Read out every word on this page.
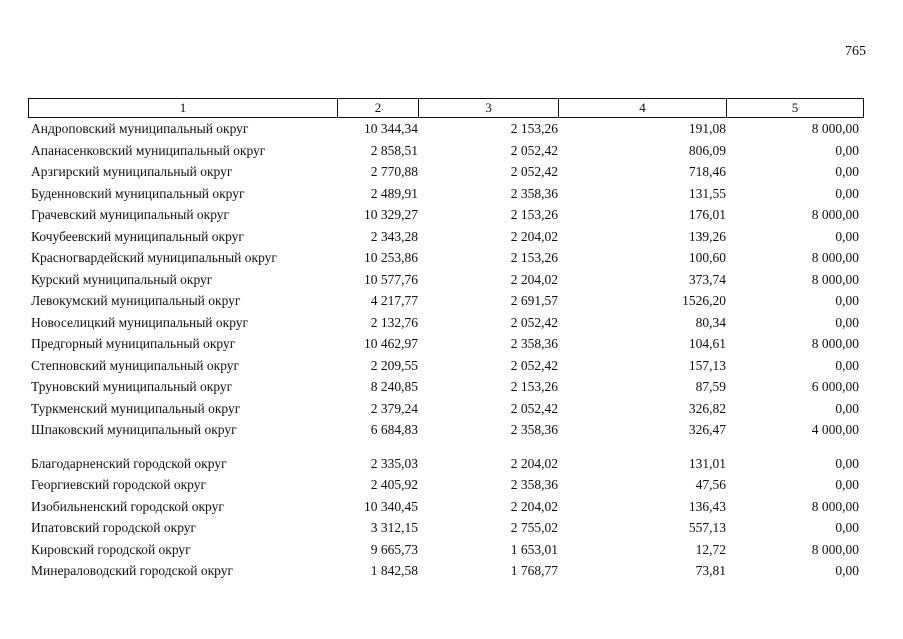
765
1	2	3	4	5
Андроповский муниципальный округ	10 344,34	2 153,26	191,08	8 000,00
Апанасенковский муниципальный округ	2 858,51	2 052,42	806,09	0,00
Арзгирский муниципальный округ	2 770,88	2 052,42	718,46	0,00
Буденновский муниципальный округ	2 489,91	2 358,36	131,55	0,00
Грачевский муниципальный округ	10 329,27	2 153,26	176,01	8 000,00
Кочубеевский муниципальный округ	2 343,28	2 204,02	139,26	0,00
Красногвардейский муниципальный округ	10 253,86	2 153,26	100,60	8 000,00
Курский муниципальный округ	10 577,76	2 204,02	373,74	8 000,00
Левокумский муниципальный округ	4 217,77	2 691,57	1526,20	0,00
Новоселицкий муниципальный округ	2 132,76	2 052,42	80,34	0,00
Предгорный муниципальный округ	10 462,97	2 358,36	104,61	8 000,00
Степновский муниципальный округ	2 209,55	2 052,42	157,13	0,00
Труновский муниципальный округ	8 240,85	2 153,26	87,59	6 000,00
Туркменский муниципальный округ	2 379,24	2 052,42	326,82	0,00
Шпаковский муниципальный округ	6 684,83	2 358,36	326,47	4 000,00
Благодарненский городской округ	2 335,03	2 204,02	131,01	0,00
Георгиевский городской округ	2 405,92	2 358,36	47,56	0,00
Изобильненский городской округ	10 340,45	2 204,02	136,43	8 000,00
Ипатовский городской округ	3 312,15	2 755,02	557,13	0,00
Кировский городской округ	9 665,73	1 653,01	12,72	8 000,00
Минераловодский городской округ	1 842,58	1 768,77	73,81	0,00
